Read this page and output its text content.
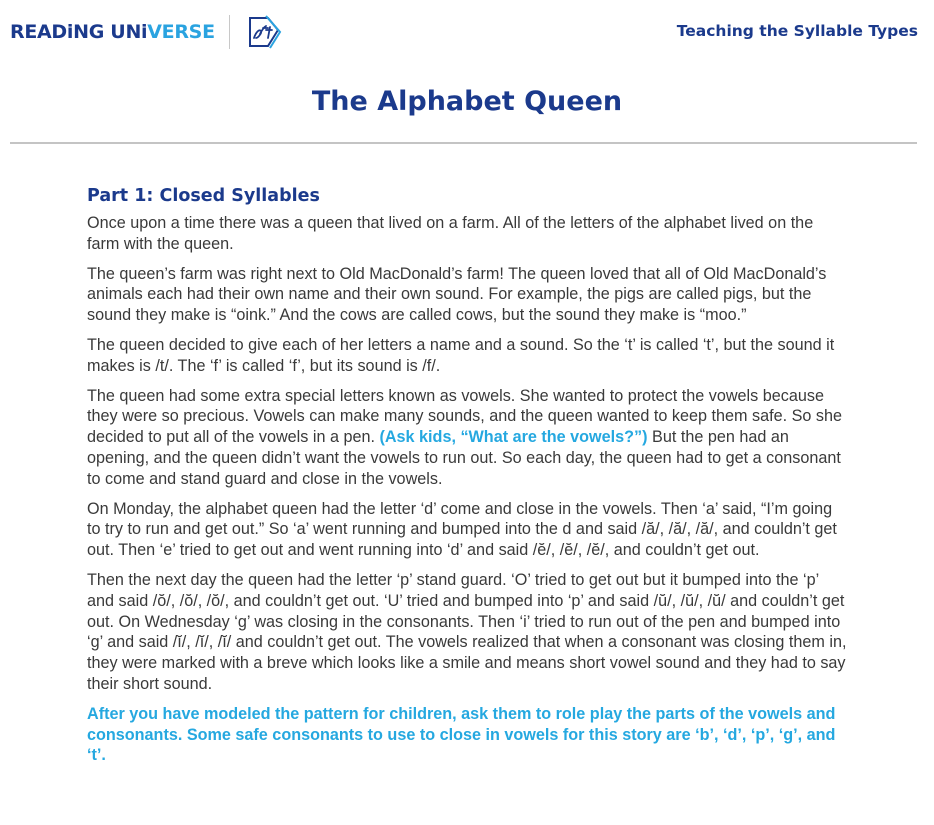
READiNG UNiVERSE	Teaching the Syllable Types
The Alphabet Queen
Part 1: Closed Syllables

Once upon a time there was a queen that lived on a farm. All of the letters of the alphabet lived on the farm with the queen.

The queen’s farm was right next to Old MacDonald’s farm! The queen loved that all of Old MacDonald’s animals each had their own name and their own sound. For example, the pigs are called pigs, but the sound they make is “oink.” And the cows are called cows, but the sound they make is “moo.”

The queen decided to give each of her letters a name and a sound. So the ‘t’ is called ‘t’, but the sound it makes is /t/. The ‘f’ is called ‘f’, but its sound is /f/.

The queen had some extra special letters known as vowels. She wanted to protect the vowels because they were so precious. Vowels can make many sounds, and the queen wanted to keep them safe. So she decided to put all of the vowels in a pen. (Ask kids, “What are the vowels?”) But the pen had an opening, and the queen didn’t want the vowels to run out. So each day, the queen had to get a consonant to come and stand guard and close in the vowels.

On Monday, the alphabet queen had the letter ‘d’ come and close in the vowels. Then ‘a’ said, “I’m going to try to run and get out.” So ‘a’ went running and bumped into the d and said /ă/, /ă/, /ă/, and couldn’t get out. Then ‘e’ tried to get out and went running into ‘d’ and said /ĕ/, /ĕ/, /ĕ/, and couldn’t get out.

Then the next day the queen had the letter ‘p’ stand guard. ‘O’ tried to get out but it bumped into the ‘p’ and said /ŏ/, /ŏ/, /ŏ/, and couldn’t get out. ‘U’ tried and bumped into ‘p’ and said /ŭ/, /ŭ/, /ŭ/ and couldn’t get out. On Wednesday ‘g’ was closing in the consonants. Then ‘i’ tried to run out of the pen and bumped into ‘g’ and said /ĭ/, /ĭ/, /ĭ/ and couldn’t get out. The vowels realized that when a consonant was closing them in, they were marked with a breve which looks like a smile and means short vowel sound and they had to say their short sound.

After you have modeled the pattern for children, ask them to role play the parts of the vowels and consonants. Some safe consonants to use to close in vowels for this story are ‘b’, ‘d’, ‘p’, ‘g’, and ‘t’.
